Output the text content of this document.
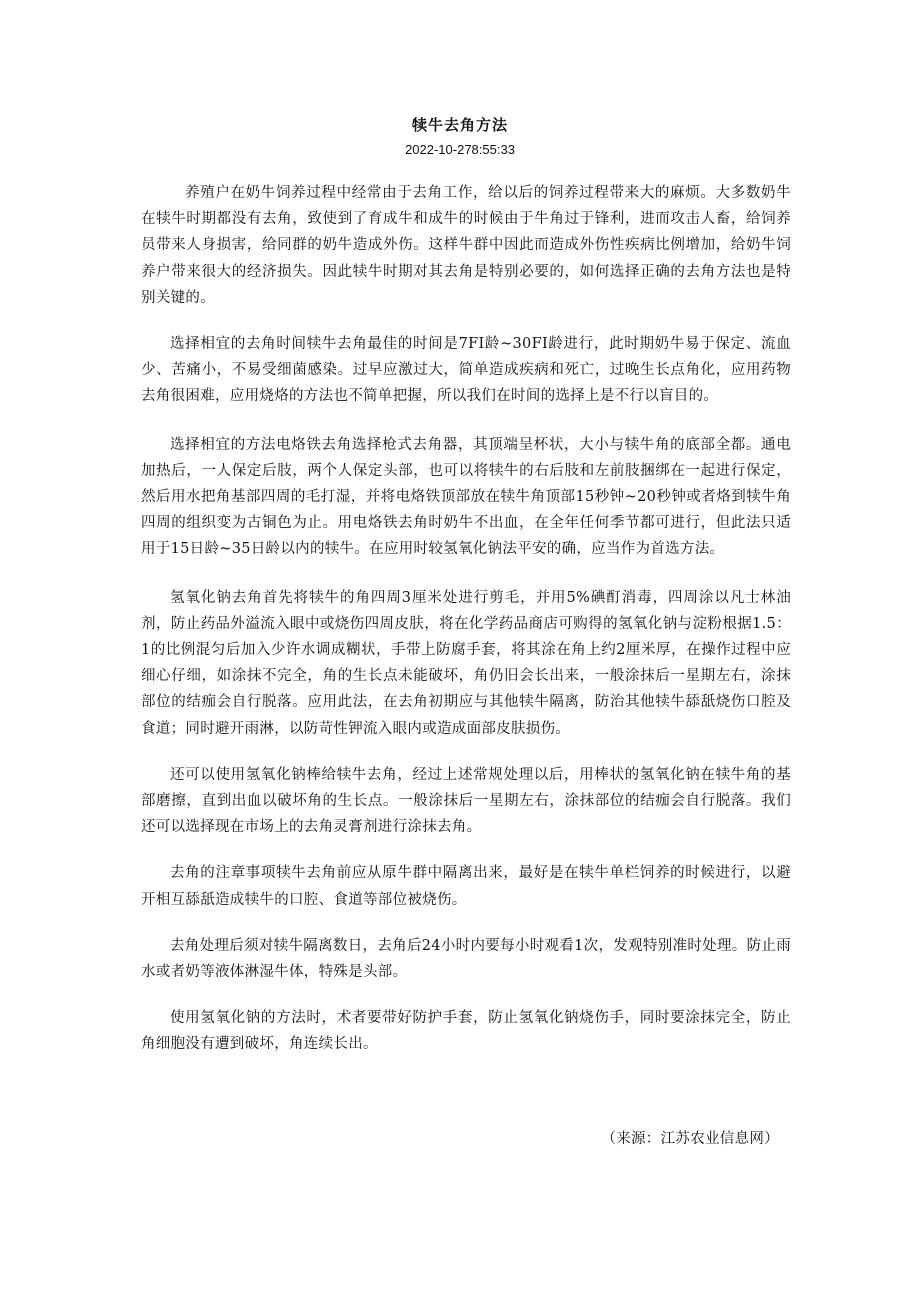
犊牛去角方法
2022-10-278:55:33

养殖户在奶牛饲养过程中经常由于去角工作，给以后的饲养过程带来大的麻烦。大多数奶牛在犊牛时期都没有去角，致使到了育成牛和成牛的时候由于牛角过于锋利，进而攻击人畜，给饲养员带来人身损害，给同群的奶牛造成外伤。这样牛群中因此而造成外伤性疾病比例增加，给奶牛饲养户带来很大的经济损失。因此犊牛时期对其去角是特别必要的，如何选择正确的去角方法也是特别关键的。

选择相宜的去角时间犊牛去角最佳的时间是7FI龄~30FI龄进行，此时期奶牛易于保定、流血少、苦痛小，不易受细菌感染。过早应激过大，简单造成疾病和死亡，过晚生长点角化，应用药物去角很困难，应用烧烙的方法也不简单把握，所以我们在时间的选择上是不行以盲目的。

选择相宜的方法电烙铁去角选择枪式去角器，其顶端呈杯状，大小与犊牛角的底部全都。通电加热后，一人保定后肢，两个人保定头部，也可以将犊牛的右后肢和左前肢捆绑在一起进行保定，然后用水把角基部四周的毛打湿，并将电烙铁顶部放在犊牛角顶部15秒钟~20秒钟或者烙到犊牛角四周的组织变为古铜色为止。用电烙铁去角时奶牛不出血，在全年任何季节都可进行，但此法只适用于15日龄~35日龄以内的犊牛。在应用时较氢氧化钠法平安的确，应当作为首选方法。

氢氧化钠去角首先将犊牛的角四周3厘米处进行剪毛，并用5%碘酊消毒，四周涂以凡士林油剂，防止药品外溢流入眼中或烧伤四周皮肤，将在化学药品商店可购得的氢氧化钠与淀粉根据1.5：1的比例混匀后加入少许水调成糊状，手带上防腐手套，将其涂在角上约2厘米厚，在操作过程中应细心仔细，如涂抹不完全，角的生长点未能破坏，角仍旧会长出来，一般涂抹后一星期左右，涂抹部位的结痂会自行脱落。应用此法，在去角初期应与其他犊牛隔离，防治其他犊牛舔舐烧伤口腔及食道；同时避开雨淋，以防苛性钾流入眼内或造成面部皮肤损伤。

还可以使用氢氧化钠棒给犊牛去角，经过上述常规处理以后，用棒状的氢氧化钠在犊牛角的基部磨擦，直到出血以破坏角的生长点。一般涂抹后一星期左右，涂抹部位的结痂会自行脱落。我们还可以选择现在市场上的去角灵膏剂进行涂抹去角。

去角的注章事项犊牛去角前应从原牛群中隔离出来，最好是在犊牛单栏饲养的时候进行，以避开相互舔舐造成犊牛的口腔、食道等部位被烧伤。

去角处理后须对犊牛隔离数日，去角后24小时内要每小时观看1次，发观特别准时处理。防止雨水或者奶等液体淋湿牛体，特殊是头部。

使用氢氧化钠的方法时，术者要带好防护手套，防止氢氧化钠烧伤手，同时要涂抹完全，防止角细胞没有遭到破坏，角连续长出。

（来源：江苏农业信息网）
